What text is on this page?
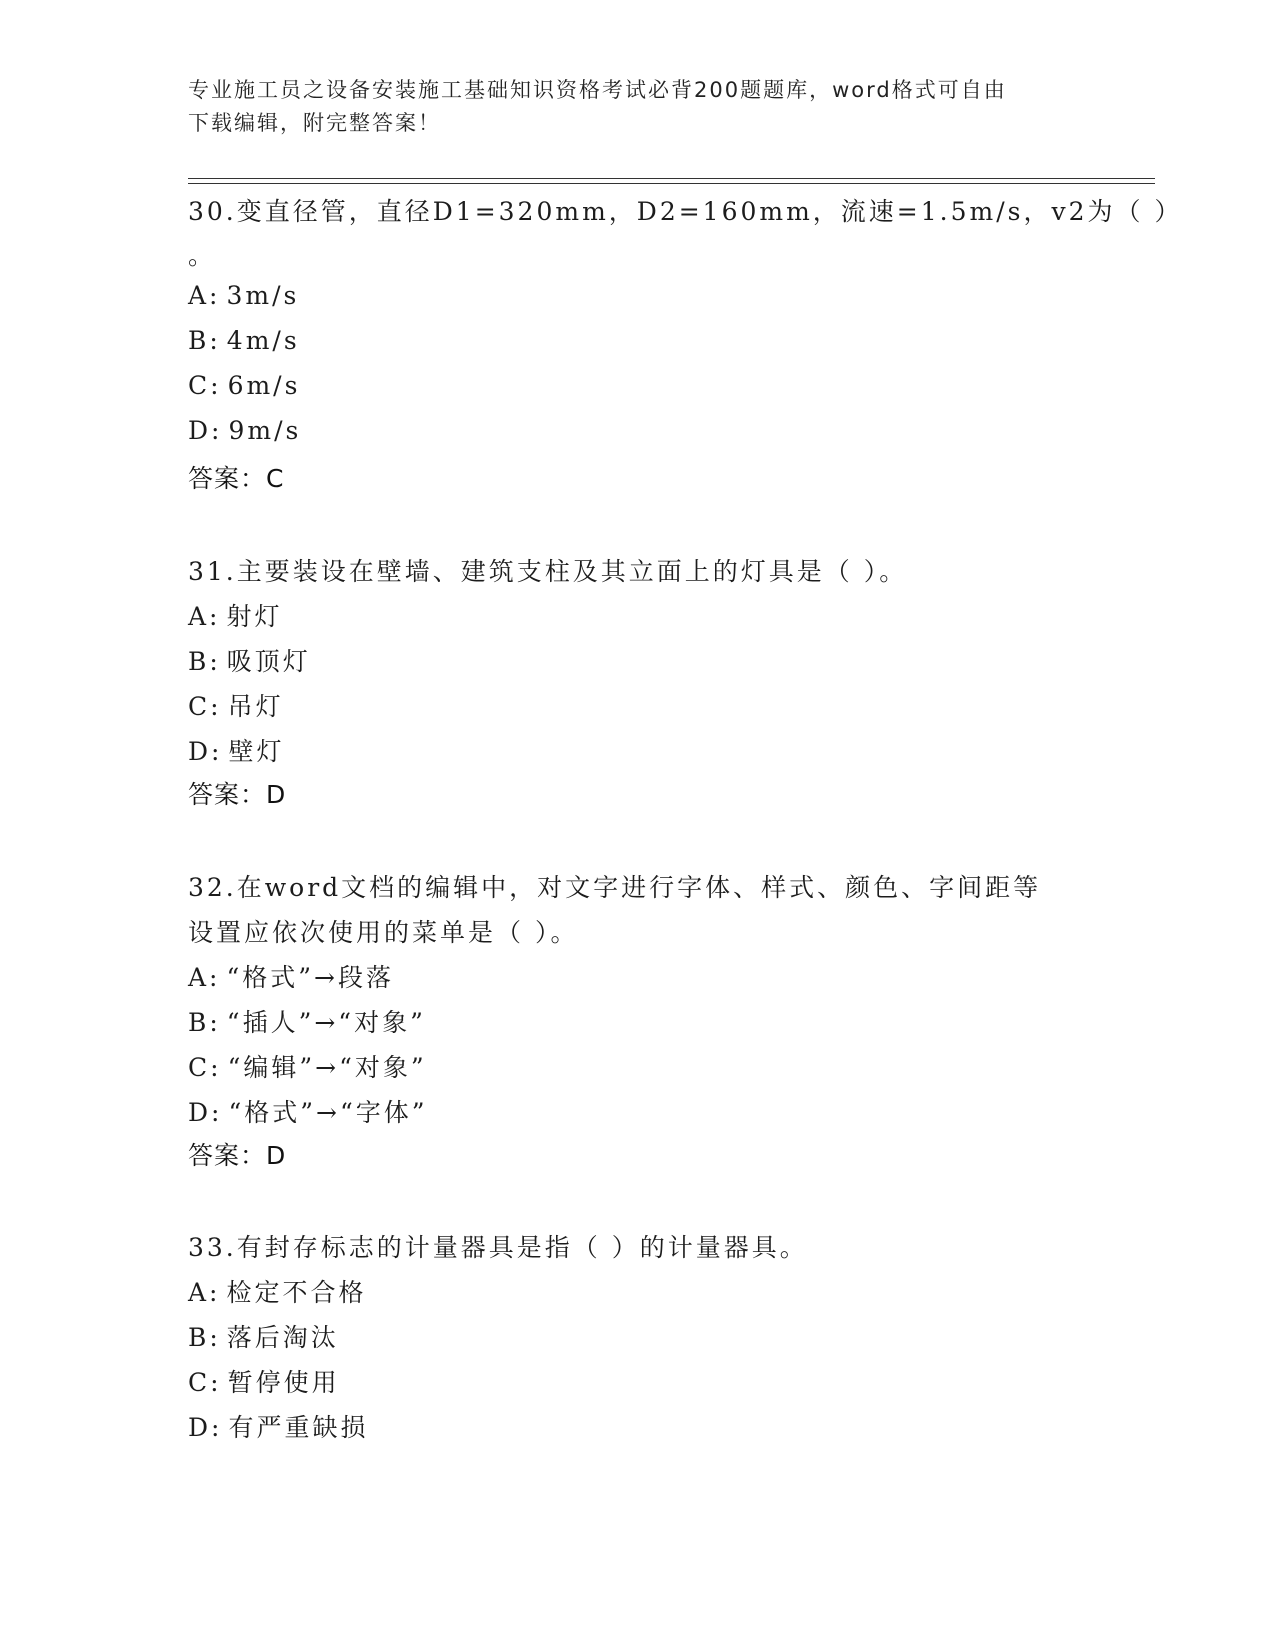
专业施工员之设备安装施工基础知识资格考试必背200题题库，word格式可自由
下载编辑，附完整答案！
30.变直径管，直径D1=320mm，D2=160mm，流速=1.5m/s，v2为（ ）
。
A: 3m/s
B: 4m/s
C: 6m/s
D: 9m/s
答案：C
31.主要装设在壁墙、建筑支柱及其立面上的灯具是（ ）。
A: 射灯
B: 吸顶灯
C: 吊灯
D: 壁灯
答案：D
32.在word文档的编辑中，对文字进行字体、样式、颜色、字间距等
设置应依次使用的菜单是（ ）。
A: “格式”→段落
B: “插人”→“对象”
C: “编辑”→“对象”
D: “格式”→“字体”
答案：D
33.有封存标志的计量器具是指（ ）的计量器具。
A: 检定不合格
B: 落后淘汰
C: 暂停使用
D: 有严重缺损
